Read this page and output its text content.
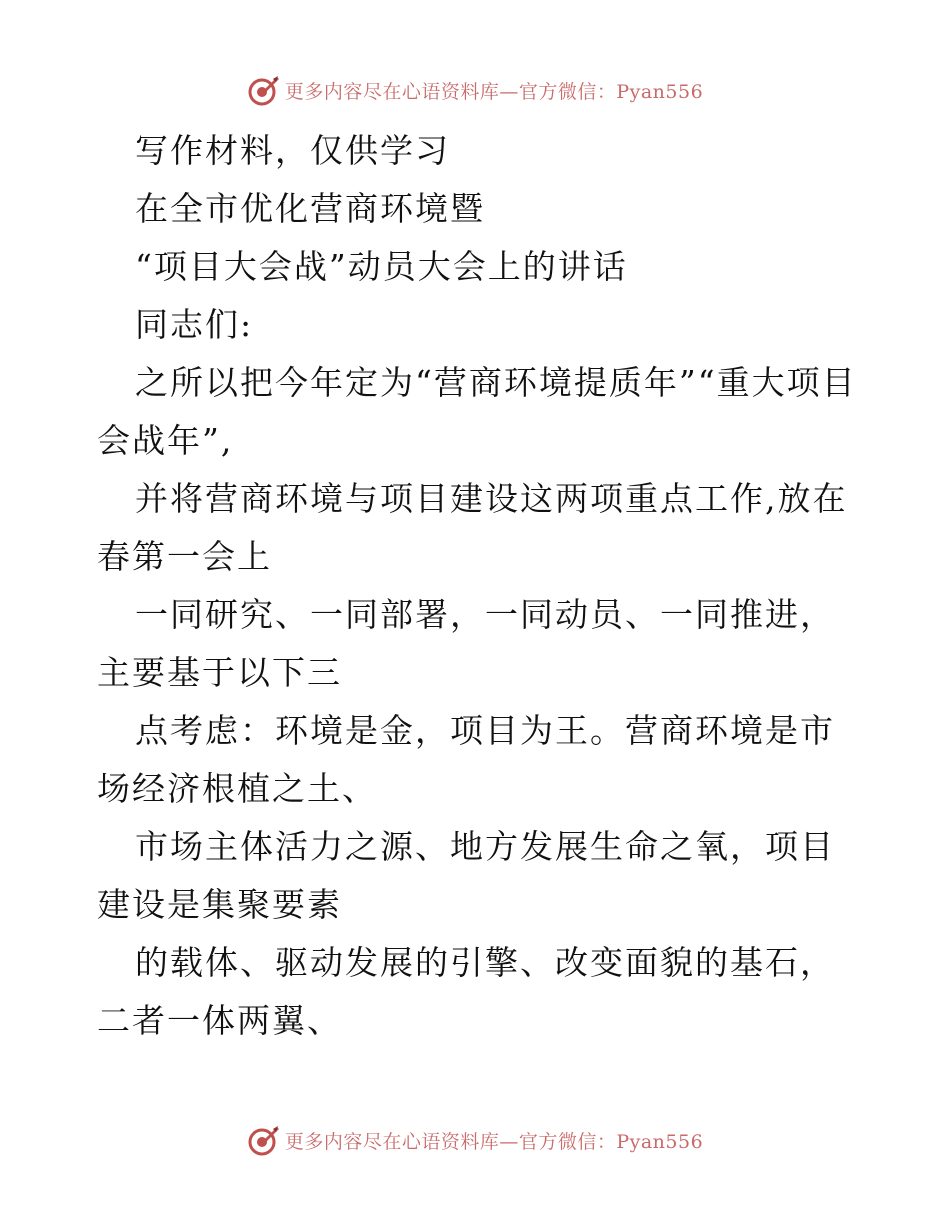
更多内容尽在心语资料库—官方微信：Pyan556

写作材料，仅供学习

在全市优化营商环境暨

“项目大会战”动员大会上的讲话

同志们:

之所以把今年定为“营商环境提质年”“重大项目会战年”,

并将营商环境与项目建设这两项重点工作,放在春第一会上

一同研究、一同部署，一同动员、一同推进，主要基于以下三

点考虑：环境是金，项目为王。营商环境是市场经济根植之土、

市场主体活力之源、地方发展生命之氧，项目建设是集聚要素

的载体、驱动发展的引擎、改变面貌的基石，二者一体两翼、

更多内容尽在心语资料库—官方微信：Pyan556
